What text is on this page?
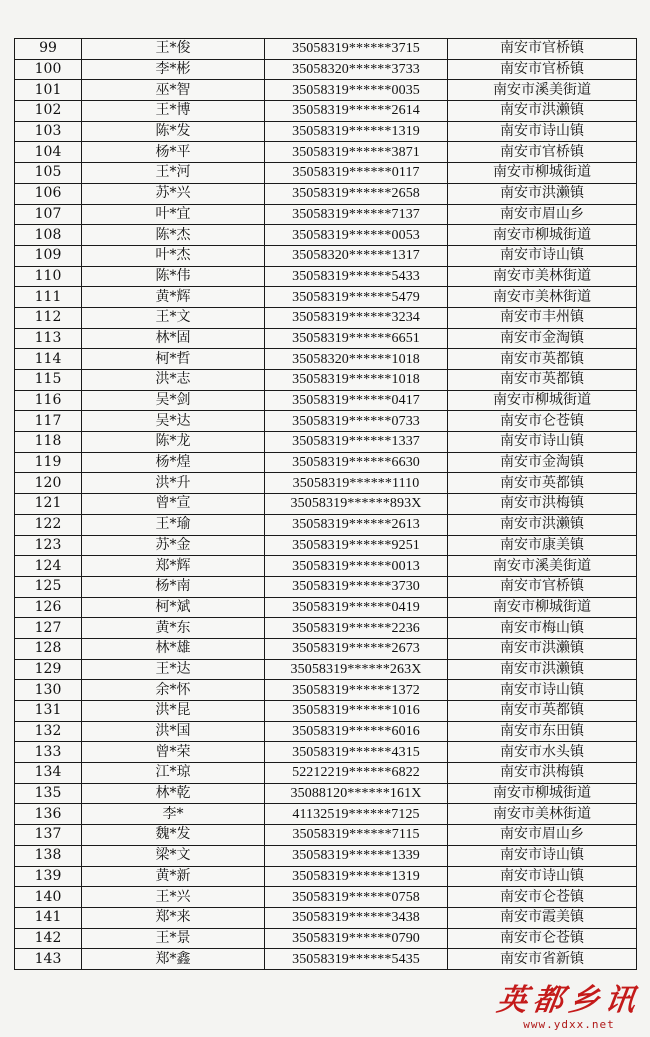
99	王*俊	35058319******3715	南安市官桥镇
100	李*彬	35058320******3733	南安市官桥镇
101	巫*智	35058319******0035	南安市溪美街道
102	王*博	35058319******2614	南安市洪濑镇
103	陈*发	35058319******1319	南安市诗山镇
104	杨*平	35058319******3871	南安市官桥镇
105	王*河	35058319******0117	南安市柳城街道
106	苏*兴	35058319******2658	南安市洪濑镇
107	叶*宜	35058319******7137	南安市眉山乡
108	陈*杰	35058319******0053	南安市柳城街道
109	叶*杰	35058320******1317	南安市诗山镇
110	陈*伟	35058319******5433	南安市美林街道
111	黄*辉	35058319******5479	南安市美林街道
112	王*文	35058319******3234	南安市丰州镇
113	林*固	35058319******6651	南安市金淘镇
114	柯*哲	35058320******1018	南安市英都镇
115	洪*志	35058319******1018	南安市英都镇
116	吴*剑	35058319******0417	南安市柳城街道
117	吴*达	35058319******0733	南安市仑苍镇
118	陈*龙	35058319******1337	南安市诗山镇
119	杨*煌	35058319******6630	南安市金淘镇
120	洪*升	35058319******1110	南安市英都镇
121	曾*宣	35058319******893X	南安市洪梅镇
122	王*瑜	35058319******2613	南安市洪濑镇
123	苏*金	35058319******9251	南安市康美镇
124	郑*辉	35058319******0013	南安市溪美街道
125	杨*南	35058319******3730	南安市官桥镇
126	柯*斌	35058319******0419	南安市柳城街道
127	黄*东	35058319******2236	南安市梅山镇
128	林*雄	35058319******2673	南安市洪濑镇
129	王*达	35058319******263X	南安市洪濑镇
130	余*怀	35058319******1372	南安市诗山镇
131	洪*昆	35058319******1016	南安市英都镇
132	洪*国	35058319******6016	南安市东田镇
133	曾*荣	35058319******4315	南安市水头镇
134	江*琼	52212219******6822	南安市洪梅镇
135	林*乾	35088120******161X	南安市柳城街道
136	李*	41132519******7125	南安市美林街道
137	魏*发	35058319******7115	南安市眉山乡
138	梁*文	35058319******1339	南安市诗山镇
139	黄*新	35058319******1319	南安市诗山镇
140	王*兴	35058319******0758	南安市仑苍镇
141	郑*来	35058319******3438	南安市霞美镇
142	王*景	35058319******0790	南安市仑苍镇
143	郑*鑫	35058319******5435	南安市省新镇
英都乡讯
www.ydxx.net
